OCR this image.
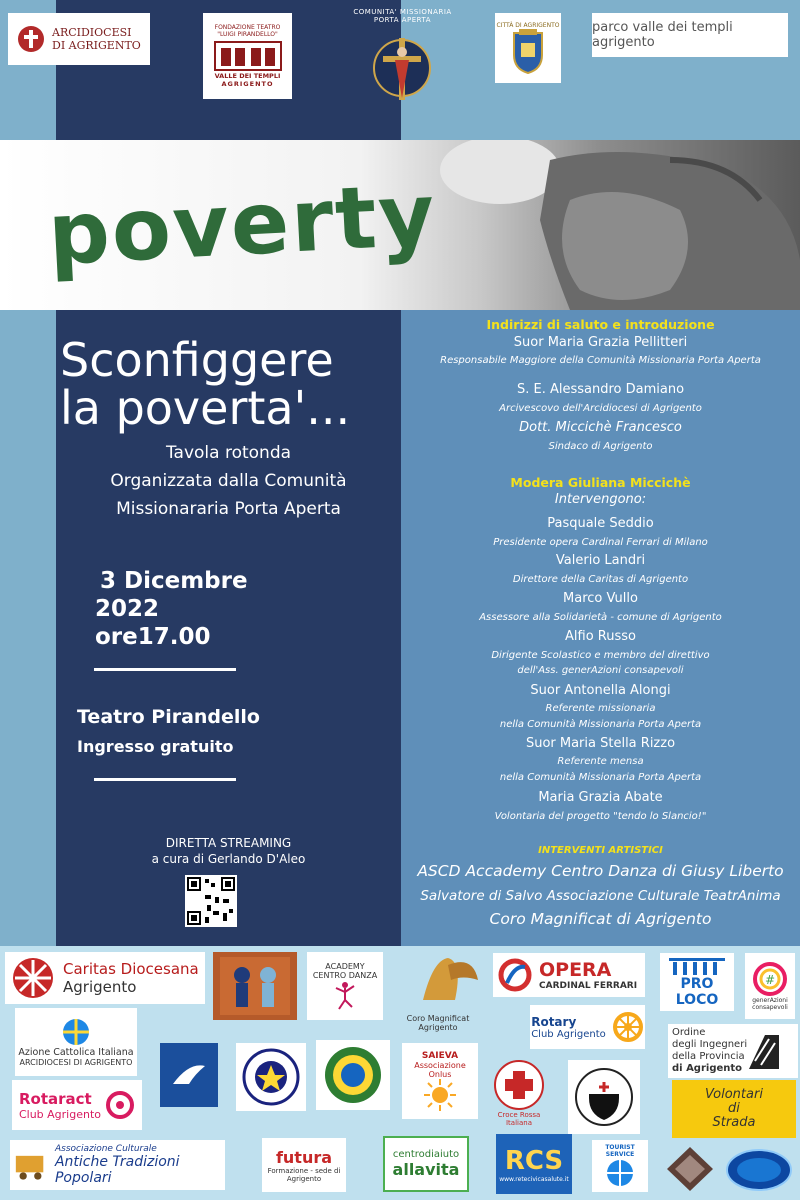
ARCIDIOCESI DI AGRIGENTO
FONDAZIONE TEATRO
"LUIGI PIRANDELLO"
VALLE DEI TEMPLI
AGRIGENTO
COMUNITA' MISSIONARIA PORTA APERTA
CITTÀ DI AGRIGENTO	parco valle dei templi agrigento
poverty
Sconfiggere
la poverta'...
Tavola rotonda
Organizzata dalla Comunità
Missionararia Porta Aperta
3 Dicembre
2022
ore17.00
Teatro Pirandello
Ingresso gratuito
DIRETTA STREAMING
a cura di Gerlando D'Aleo
Indirizzi di saluto e introduzione
Suor Maria Grazia Pellitteri
Responsabile Maggiore della Comunità Missionaria Porta Aperta
S. E. Alessandro Damiano
Arcivescovo dell'Arcidiocesi di Agrigento
Dott. Miccichè Francesco
Sindaco di Agrigento
Modera Giuliana Miccichè
Intervengono:
Pasquale Seddio
Presidente opera Cardinal Ferrari di Milano
Valerio Landri
Direttore della Caritas di Agrigento
Marco Vullo
Assessore alla Solidarietà - comune di Agrigento
Alfio Russo
Dirigente Scolastico e membro del direttivo
dell'Ass. generAzioni consapevoli
Suor Antonella Alongi
Referente missionaria
nella Comunità Missionaria Porta Aperta
Suor Maria Stella Rizzo
Referente mensa
nella Comunità Missionaria Porta Aperta
Maria Grazia Abate
Volontaria del progetto "tendo lo Slancio!"
INTERVENTI ARTISTICI
ASCD Accademy Centro Danza di Giusy Liberto
Salvatore di Salvo Associazione Culturale TeatrAnima
Coro Magnificat di Agrigento
Caritas Diocesana
Agrigento
ACADEMY
CENTRO DANZA
Coro Magnificat Agrigento
OPERA
CARDINAL FERRARI	PRO LOCO
#
generAzioni consapevoli
Azione Cattolica Italiana
ARCIDIOCESI DI AGRIGENTO
Rotary
Club Agrigento	Ordine
degli Ingegneri
della Provincia
di Agrigento
Rotaract
Club Agrigento
SAIEVA
Associazione Onlus
Croce Rossa Italiana
Volontari
di
Strada
Associazione Culturale
Antiche Tradizioni Popolari
futura
Formazione - sede di Agrigento
centrodiaiuto
allavita RCS
www.retecivicasalute.it
TOURIST SERVICE
